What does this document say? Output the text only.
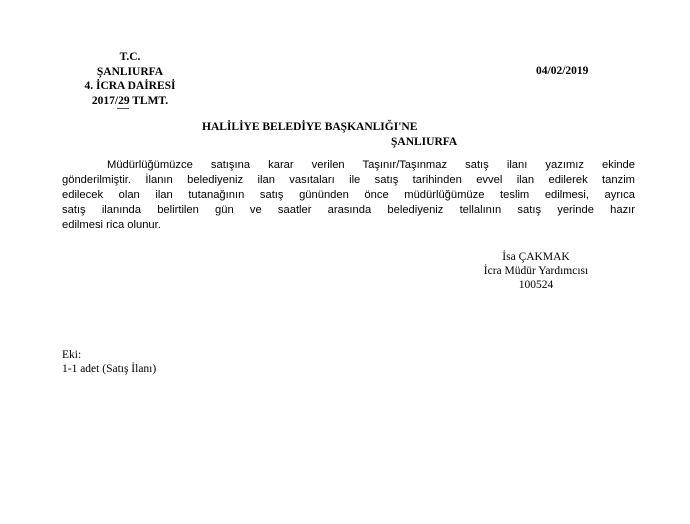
T.C.
ŞANLIURFA
4. İCRA DAİRESİ
2017/29 TLMT.
04/02/2019
HALİLİYE BELEDİYE BAŞKANLIĞI'NE
ŞANLIURFA
Müdürlüğümüzce satışına karar verilen Taşınır/Taşınmaz satış ilanı yazımız ekinde
gönderilmiştir. İlanın belediyeniz ilan vasıtaları ile satış tarihinden evvel ilan edilerek tanzim
edilecek olan ilan tutanağının satış gününden önce müdürlüğümüze teslim edilmesi, ayrıca
satış ilanında belirtilen gün ve saatler arasında belediyeniz tellalının satış yerinde hazır
edilmesi rica olunur.
İsa ÇAKMAK
İcra Müdür Yardımcısı
100524
Eki:
1-1 adet (Satış İlanı)
